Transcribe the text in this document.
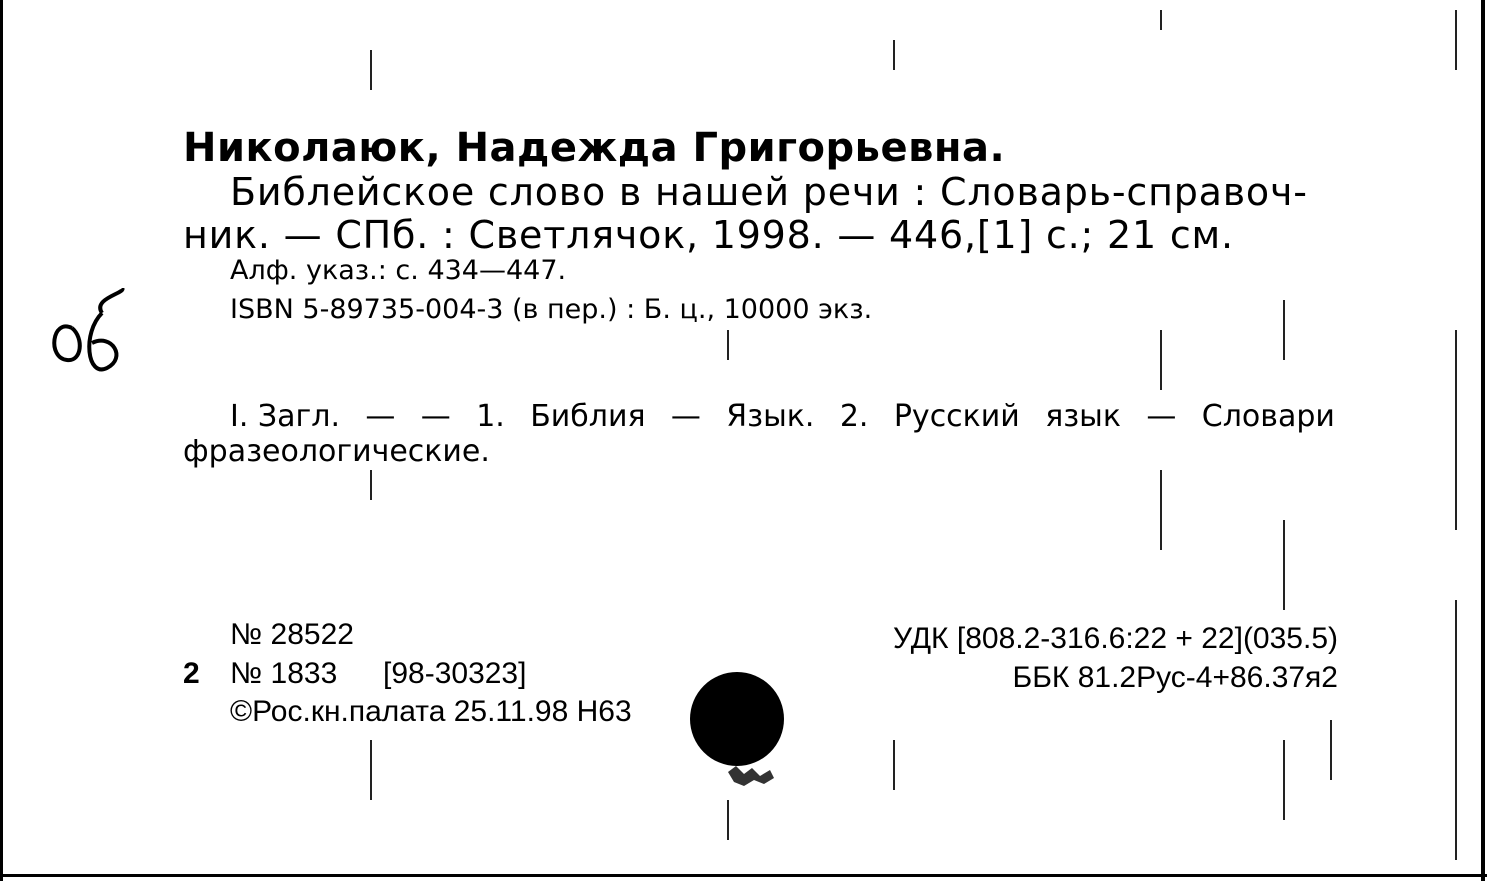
Николаюк, Надежда Григорьевна.
Библейское слово в нашей речи : Словарь-справоч-
ник. — СПб. : Светлячок, 1998. — 446,[1] с.; 21 см.
Алф. указ.: с. 434—447.
ISBN 5-89735-004-3 (в пер.) : Б. ц., 10000 экз.
I. Загл. — — 1. Библия — Язык. 2. Русский язык — Словари
фразеологические.
№ 28522
2 № 1833 [98-30323]
©Рос.кн.палата 25.11.98 Н63
УДК [808.2-316.6:22 + 22](035.5)
ББК 81.2Рус-4+86.37я2
